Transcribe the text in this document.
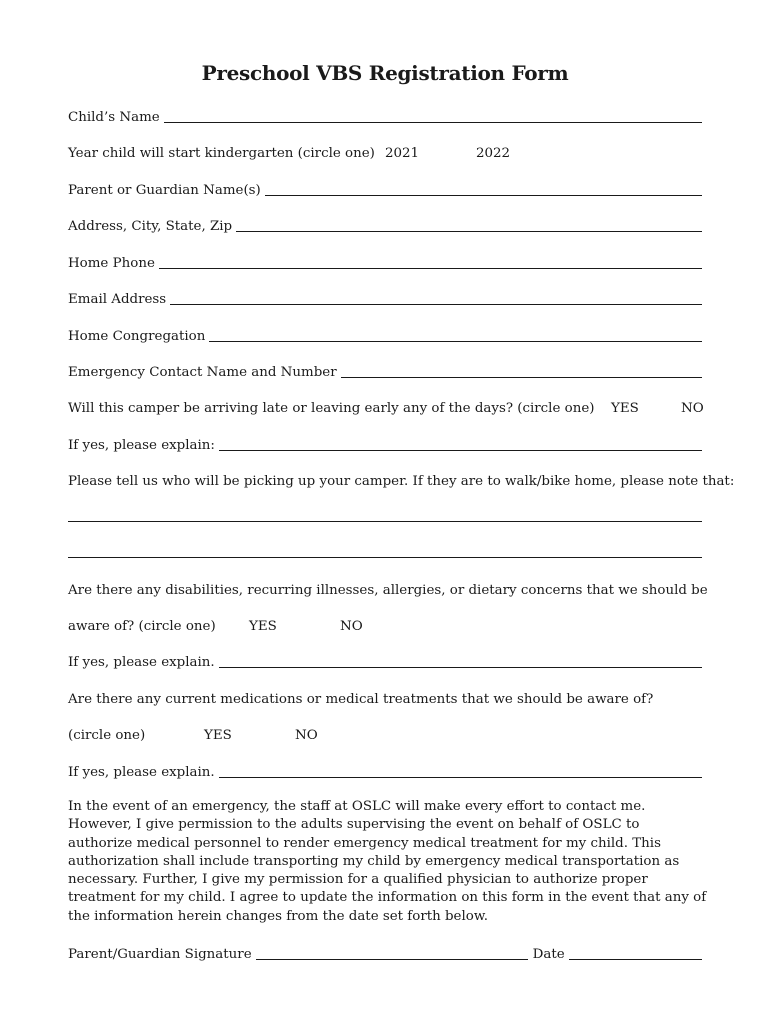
Preschool VBS Registration Form
Child’s Name
Year child will start kindergarten (circle one) 2021	2022
Parent or Guardian Name(s)
Address, City, State, Zip
Home Phone
Email Address
Home Congregation
Emergency Contact Name and Number
Will this camper be arriving late or leaving early any of the days? (circle one) YES	NO
If yes, please explain:
Please tell us who will be picking up your camper. If they are to walk/bike home, please note that:
Are there any disabilities, recurring illnesses, allergies, or dietary concerns that we should be
aware of? (circle one) YES	NO
If yes, please explain.
Are there any current medications or medical treatments that we should be aware of?
(circle one)	YES	NO
If yes, please explain.
In the event of an emergency, the staff at OSLC will make every effort to contact me. However, I give permission to the adults supervising the event on behalf of OSLC to authorize medical personnel to render emergency medical treatment for my child. This authorization shall include transporting my child by emergency medical transportation as necessary. Further, I give my permission for a qualified physician to authorize proper treatment for my child. I agree to update the information on this form in the event that any of the information herein changes from the date set forth below.
Parent/Guardian Signature	Date
